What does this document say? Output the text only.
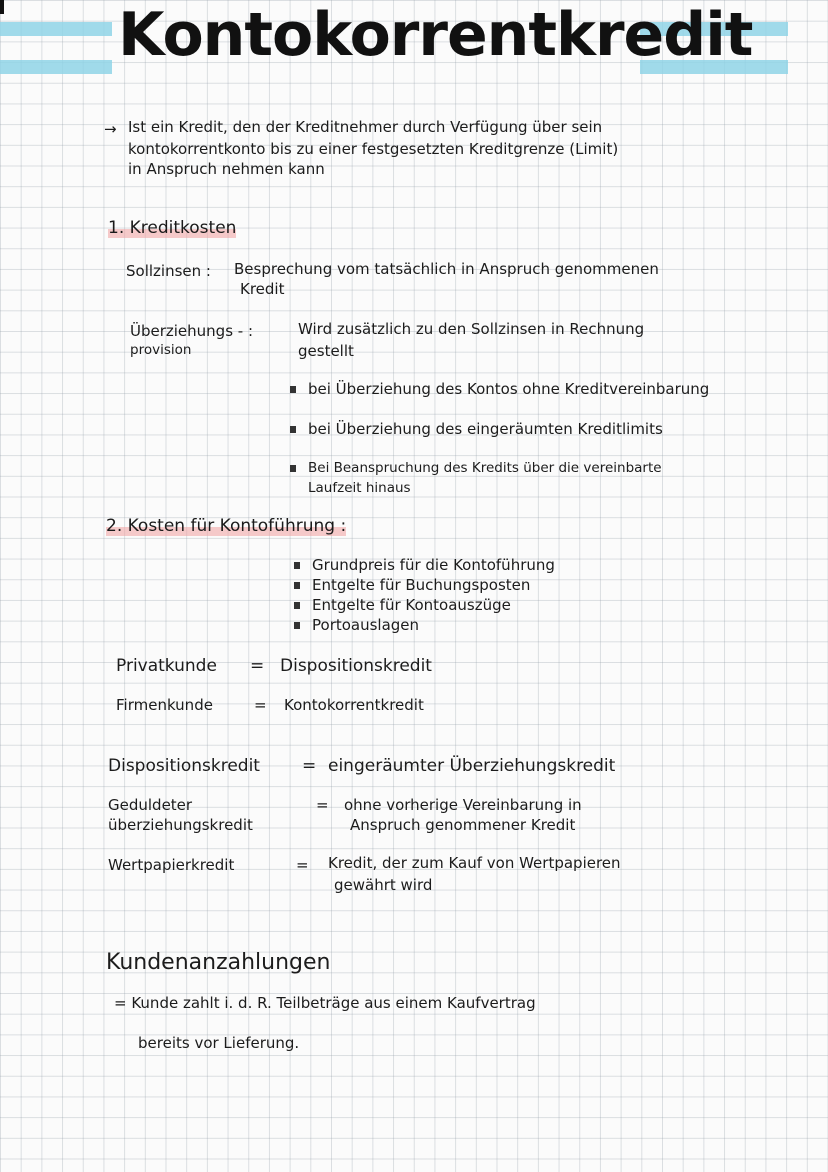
Kontokorrentkredit
→ Ist ein Kredit, den der Kreditnehmer durch Verfügung über sein

kontokorrentkonto bis zu einer festgesetzten Kreditgrenze (Limit)

in Anspruch nehmen kann

1. Kreditkosten

Sollzinsen : Besprechung vom tatsächlich in Anspruch genommenen

Kredit

Überziehungs - :

provision

Wird zusätzlich zu den Sollzinsen in Rechnung

gestellt

bei Überziehung des Kontos ohne Kreditvereinbarung

bei Überziehung des eingeräumten Kreditlimits

Bei Beanspruchung des Kredits über die vereinbarte

Laufzeit hinaus

2. Kosten für Kontoführung :

Grundpreis für die Kontoführung

Entgelte für Buchungsposten

Entgelte für Kontoauszüge

Portoauslagen

Privatkunde = Dispositionskredit

Firmenkunde	= Kontokorrentkredit

Dispositionskredit = eingeräumter Überziehungskredit

Geduldeter

überziehungskredit

= ohne vorherige Vereinbarung in

Anspruch genommener Kredit

Wertpapierkredit	= Kredit, der zum Kauf von Wertpapieren

gewährt wird

Kundenanzahlungen

= Kunde zahlt i. d. R. Teilbeträge aus einem Kaufvertrag

bereits vor Lieferung.
